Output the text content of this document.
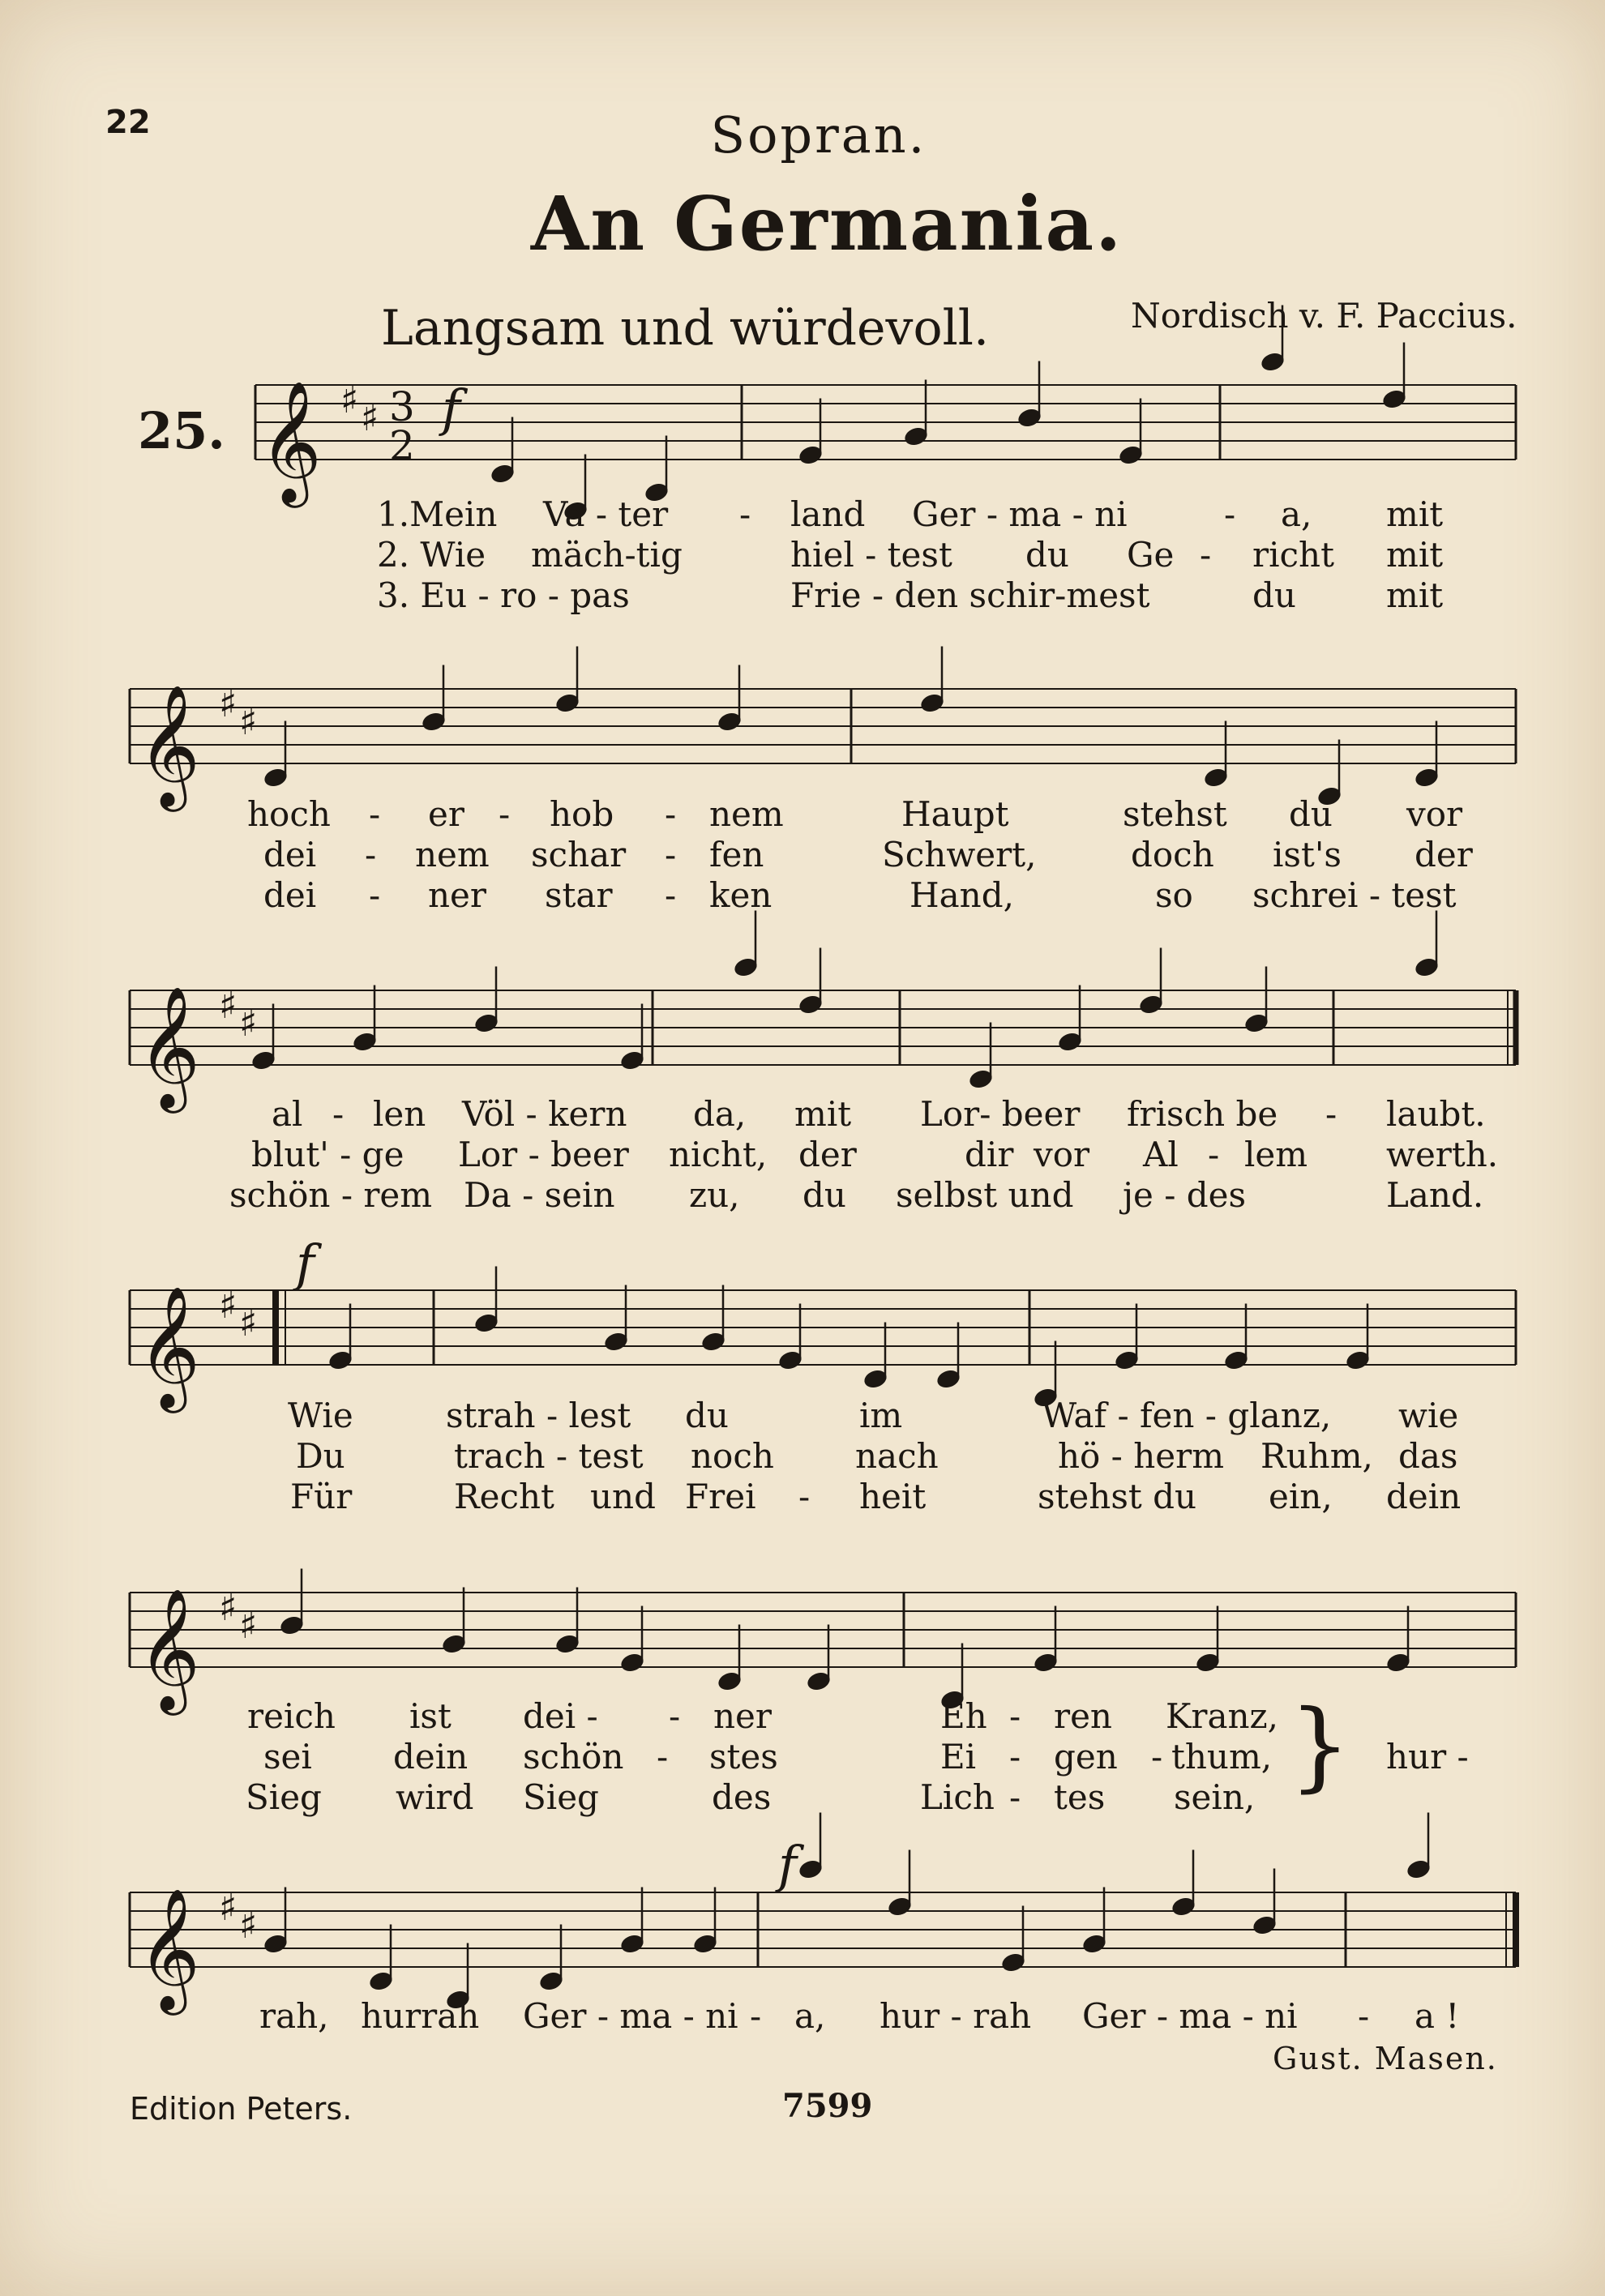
22	Sopran.
An Germania.
Langsam und würdevoll.	Nordisch v. F. Paccius.
25. 𝄞 ♯ ♯ 3
2
𝄞 ♯ ♯
𝄞 ♯ ♯
𝄞 ♯ ♯
𝄞 ♯ ♯
𝄞 ♯ ♯
f
f
f
}
1.Mein Va - ter - land Ger - ma - ni	- a, mit
2. Wie mäch-tig	hiel - test du Ge - richt mit
3. Eu - ro - pas	Frie - den schir-mest	du	mit
hoch - er - hob - nem	Haupt	stehst du vor
dei - nem schar - fen	Schwert,	doch ist's der
dei - ner star - ken	Hand,	so schrei - test
al - len Völ - kern da, mit Lor- beer frisch be - laubt.
blut' - ge Lor - beer nicht, der	dir vor Al - lem werth.
schön - rem Da - sein zu, du selbst und je - des	Land.
Wie	strah - lest du	im	Waf - fen - glanz, wie
Du	trach - test noch nach	hö - herm Ruhm, das
Für	Recht und Frei - heit	stehst du ein, dein
reich ist dei - - ner	Eh - ren Kranz,
sei dein schön - stes	Ei - gen - thum,	hur -
Sieg wird Sieg	des	Lich - tes sein,
rah, hurrah Ger - ma - ni - a, hur - rah Ger - ma - ni - a !
Gust. Masen.
Edition Peters.	7599
